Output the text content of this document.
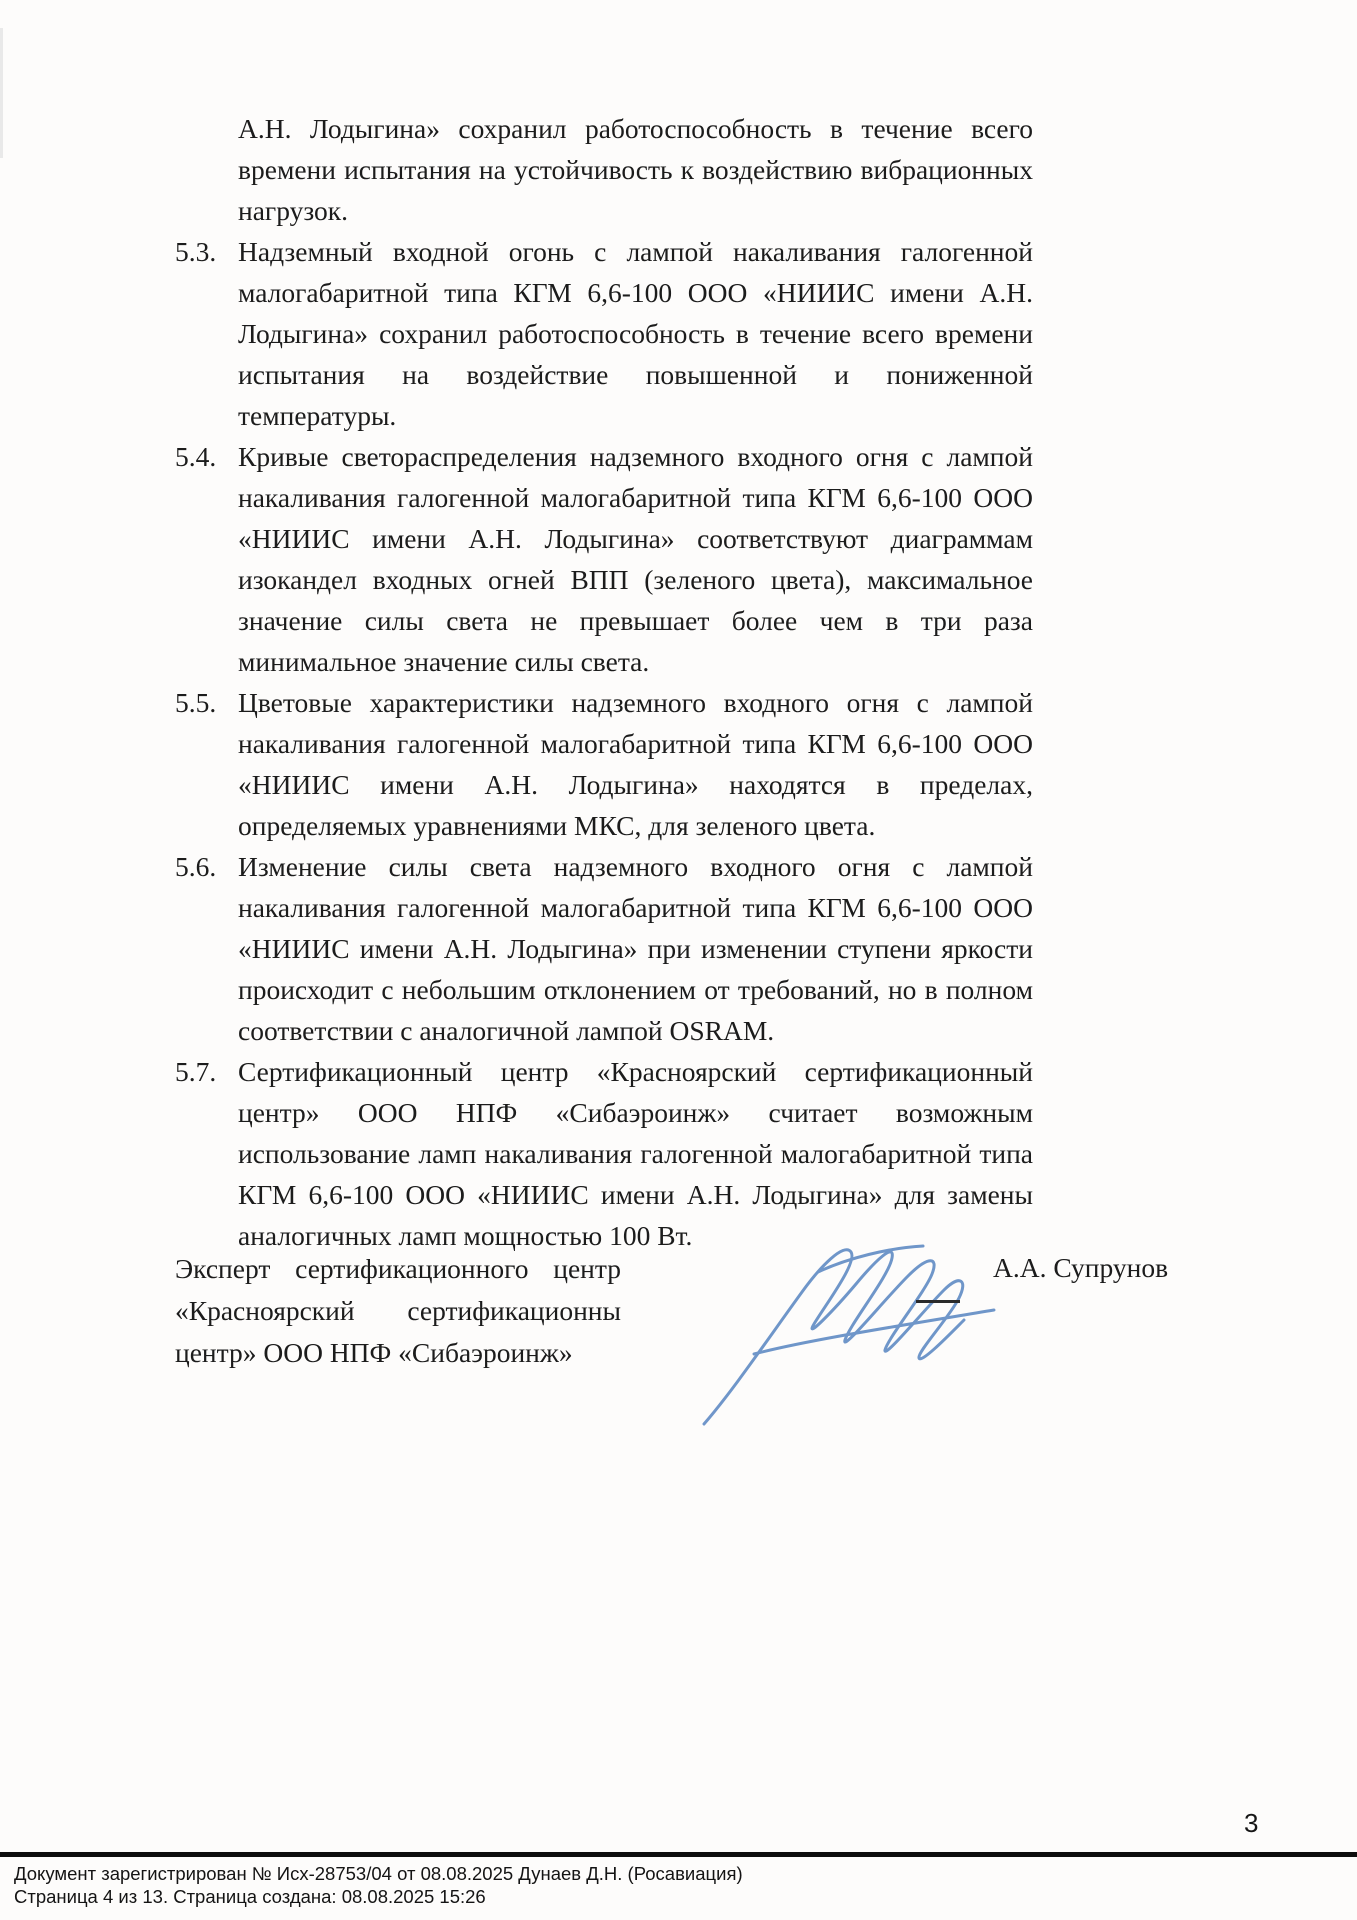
А.Н. Лодыгина» сохранил работоспособность в течение всего времени испытания на устойчивость к воздействию вибрационных нагрузок.
5.3. Надземный входной огонь с лампой накаливания галогенной малогабаритной типа КГМ 6,6-100 ООО «НИИИС имени А.Н. Лодыгина» сохранил работоспособность в течение всего времени испытания на воздействие повышенной и пониженной температуры.
5.4. Кривые светораспределения надземного входного огня с лампой накаливания галогенной малогабаритной типа КГМ 6,6-100 ООО «НИИИС имени А.Н. Лодыгина» соответствуют диаграммам изокандел входных огней ВПП (зеленого цвета), максимальное значение силы света не превышает более чем в три раза минимальное значение силы света.
5.5. Цветовые характеристики надземного входного огня с лампой накаливания галогенной малогабаритной типа КГМ 6,6-100 ООО «НИИИС имени А.Н. Лодыгина» находятся в пределах, определяемых уравнениями МКС, для зеленого цвета.
5.6. Изменение силы света надземного входного огня с лампой накаливания галогенной малогабаритной типа КГМ 6,6-100 ООО «НИИИС имени А.Н. Лодыгина» при изменении ступени яркости происходит с небольшим отклонением от требований, но в полном соответствии с аналогичной лампой OSRAM.
5.7. Сертификационный центр «Красноярский сертификационный центр» ООО НПФ «Сибаэроинж» считает возможным использование ламп накаливания галогенной малогабаритной типа КГМ 6,6-100 ООО «НИИИС имени А.Н. Лодыгина» для замены аналогичных ламп мощностью 100 Вт.
Эксперт сертификационного центр
«Красноярский сертификационны
центр» ООО НПФ «Сибаэроинж»
А.А. Супрунов
3
Документ зарегистрирован № Исх-28753/04 от 08.08.2025 Дунаев Д.Н. (Росавиация)
Страница 4 из 13. Страница создана: 08.08.2025 15:26
